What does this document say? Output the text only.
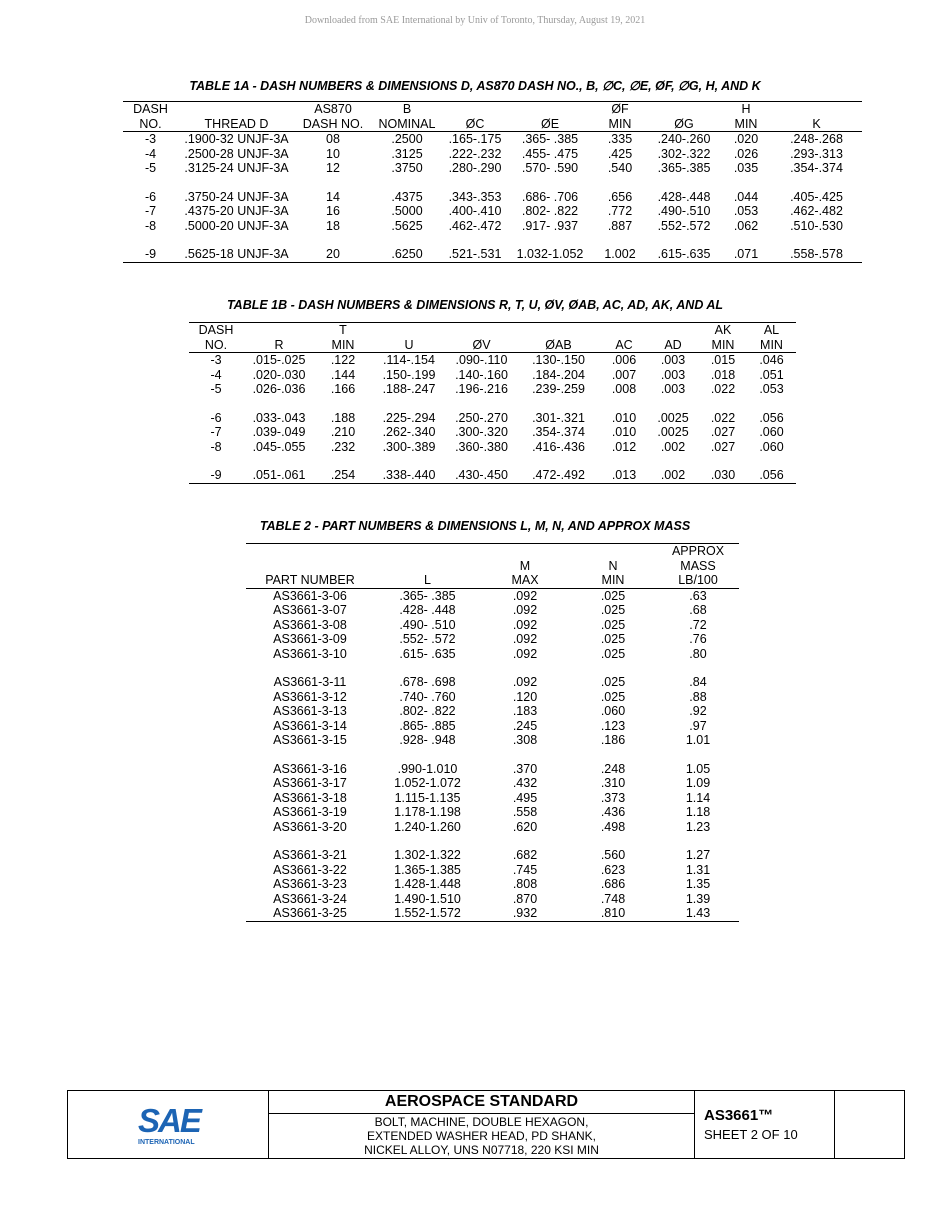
Downloaded from SAE International by Univ of Toronto, Thursday, August 19, 2021
TABLE 1A - DASH NUMBERS & DIMENSIONS D, AS870 DASH NO., B, ∅C, ∅E, ØF, ∅G, H, AND K
DASH		AS870	B			ØF		H	
NO.	THREAD D	DASH NO.	NOMINAL	ØC	ØE	MIN	ØG	MIN	K
-3	.1900-32 UNJF-3A	08	.2500	.165-.175	.365- .385	.335	.240-.260	.020	.248-.268
-4	.2500-28 UNJF-3A	10	.3125	.222-.232	.455- .475	.425	.302-.322	.026	.293-.313
-5	.3125-24 UNJF-3A	12	.3750	.280-.290	.570- .590	.540	.365-.385	.035	.354-.374
-6	.3750-24 UNJF-3A	14	.4375	.343-.353	.686- .706	.656	.428-.448	.044	.405-.425
-7	.4375-20 UNJF-3A	16	.5000	.400-.410	.802- .822	.772	.490-.510	.053	.462-.482
-8	.5000-20 UNJF-3A	18	.5625	.462-.472	.917- .937	.887	.552-.572	.062	.510-.530
-9	.5625-18 UNJF-3A	20	.6250	.521-.531	1.032-1.052	1.002	.615-.635	.071	.558-.578
TABLE 1B - DASH NUMBERS & DIMENSIONS R, T, U, ØV, ØAB, AC, AD, AK, AND AL
DASH		T						AK	AL
NO.	R	MIN	U	ØV	ØAB	AC	AD	MIN	MIN
-3	.015-.025	.122	.114-.154	.090-.110	.130-.150	.006	.003	.015	.046
-4	.020-.030	.144	.150-.199	.140-.160	.184-.204	.007	.003	.018	.051
-5	.026-.036	.166	.188-.247	.196-.216	.239-.259	.008	.003	.022	.053
-6	.033-.043	.188	.225-.294	.250-.270	.301-.321	.010	.0025	.022	.056
-7	.039-.049	.210	.262-.340	.300-.320	.354-.374	.010	.0025	.027	.060
-8	.045-.055	.232	.300-.389	.360-.380	.416-.436	.012	.002	.027	.060
-9	.051-.061	.254	.338-.440	.430-.450	.472-.492	.013	.002	.030	.056
TABLE 2 - PART NUMBERS & DIMENSIONS L, M, N, AND APPROX MASS
				APPROX
		M	N	MASS
PART NUMBER	L	MAX	MIN	LB/100
AS3661-3-06	.365- .385	.092	.025	.63
AS3661-3-07	.428- .448	.092	.025	.68
AS3661-3-08	.490- .510	.092	.025	.72
AS3661-3-09	.552- .572	.092	.025	.76
AS3661-3-10	.615- .635	.092	.025	.80
AS3661-3-11	.678- .698	.092	.025	.84
AS3661-3-12	.740- .760	.120	.025	.88
AS3661-3-13	.802- .822	.183	.060	.92
AS3661-3-14	.865- .885	.245	.123	.97
AS3661-3-15	.928- .948	.308	.186	1.01
AS3661-3-16	.990-1.010	.370	.248	1.05
AS3661-3-17	1.052-1.072	.432	.310	1.09
AS3661-3-18	1.115-1.135	.495	.373	1.14
AS3661-3-19	1.178-1.198	.558	.436	1.18
AS3661-3-20	1.240-1.260	.620	.498	1.23
AS3661-3-21	1.302-1.322	.682	.560	1.27
AS3661-3-22	1.365-1.385	.745	.623	1.31
AS3661-3-23	1.428-1.448	.808	.686	1.35
AS3661-3-24	1.490-1.510	.870	.748	1.39
AS3661-3-25	1.552-1.572	.932	.810	1.43
SAE
INTERNATIONAL
AEROSPACE STANDARD
BOLT, MACHINE, DOUBLE HEXAGON,
EXTENDED WASHER HEAD, PD SHANK,
NICKEL ALLOY, UNS N07718, 220 KSI MIN
AS3661™
SHEET 2 OF 10
